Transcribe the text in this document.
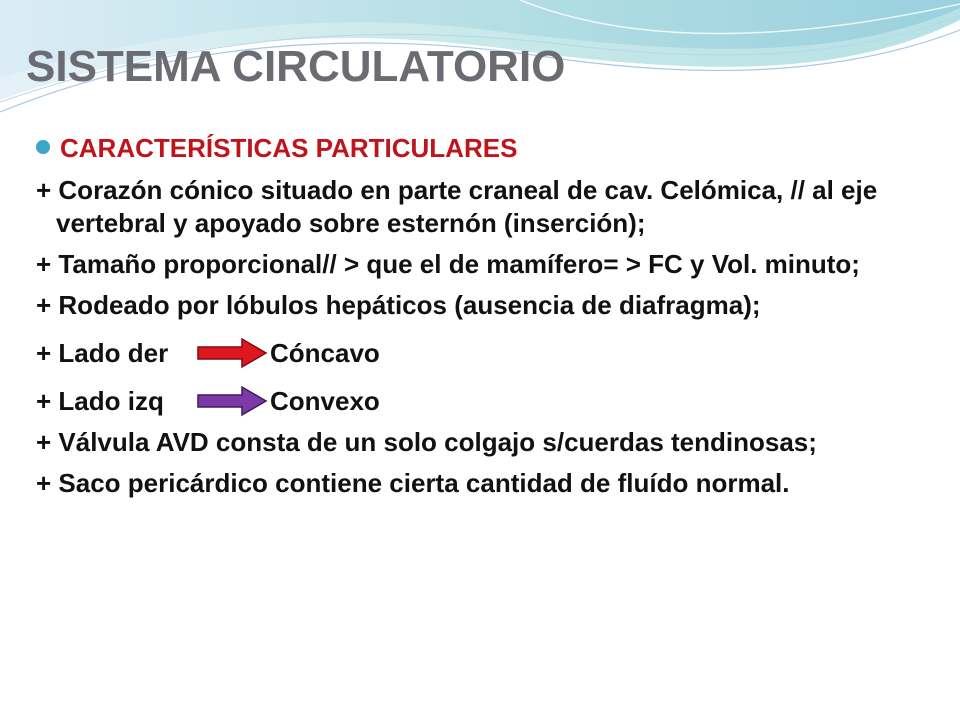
SISTEMA CIRCULATORIO
CARACTERÍSTICAS PARTICULARES
+ Corazón cónico situado en parte craneal de cav. Celómica, // al eje vertebral y apoyado sobre esternón (inserción);
+ Tamaño proporcional// > que el de mamífero= > FC y Vol. minuto;
+ Rodeado por lóbulos hepáticos (ausencia de diafragma);
+ Lado der	Cóncavo
+ Lado izq	Convexo
+ Válvula AVD consta de un solo colgajo s/cuerdas tendinosas;
+ Saco pericárdico contiene cierta cantidad de fluído normal.
